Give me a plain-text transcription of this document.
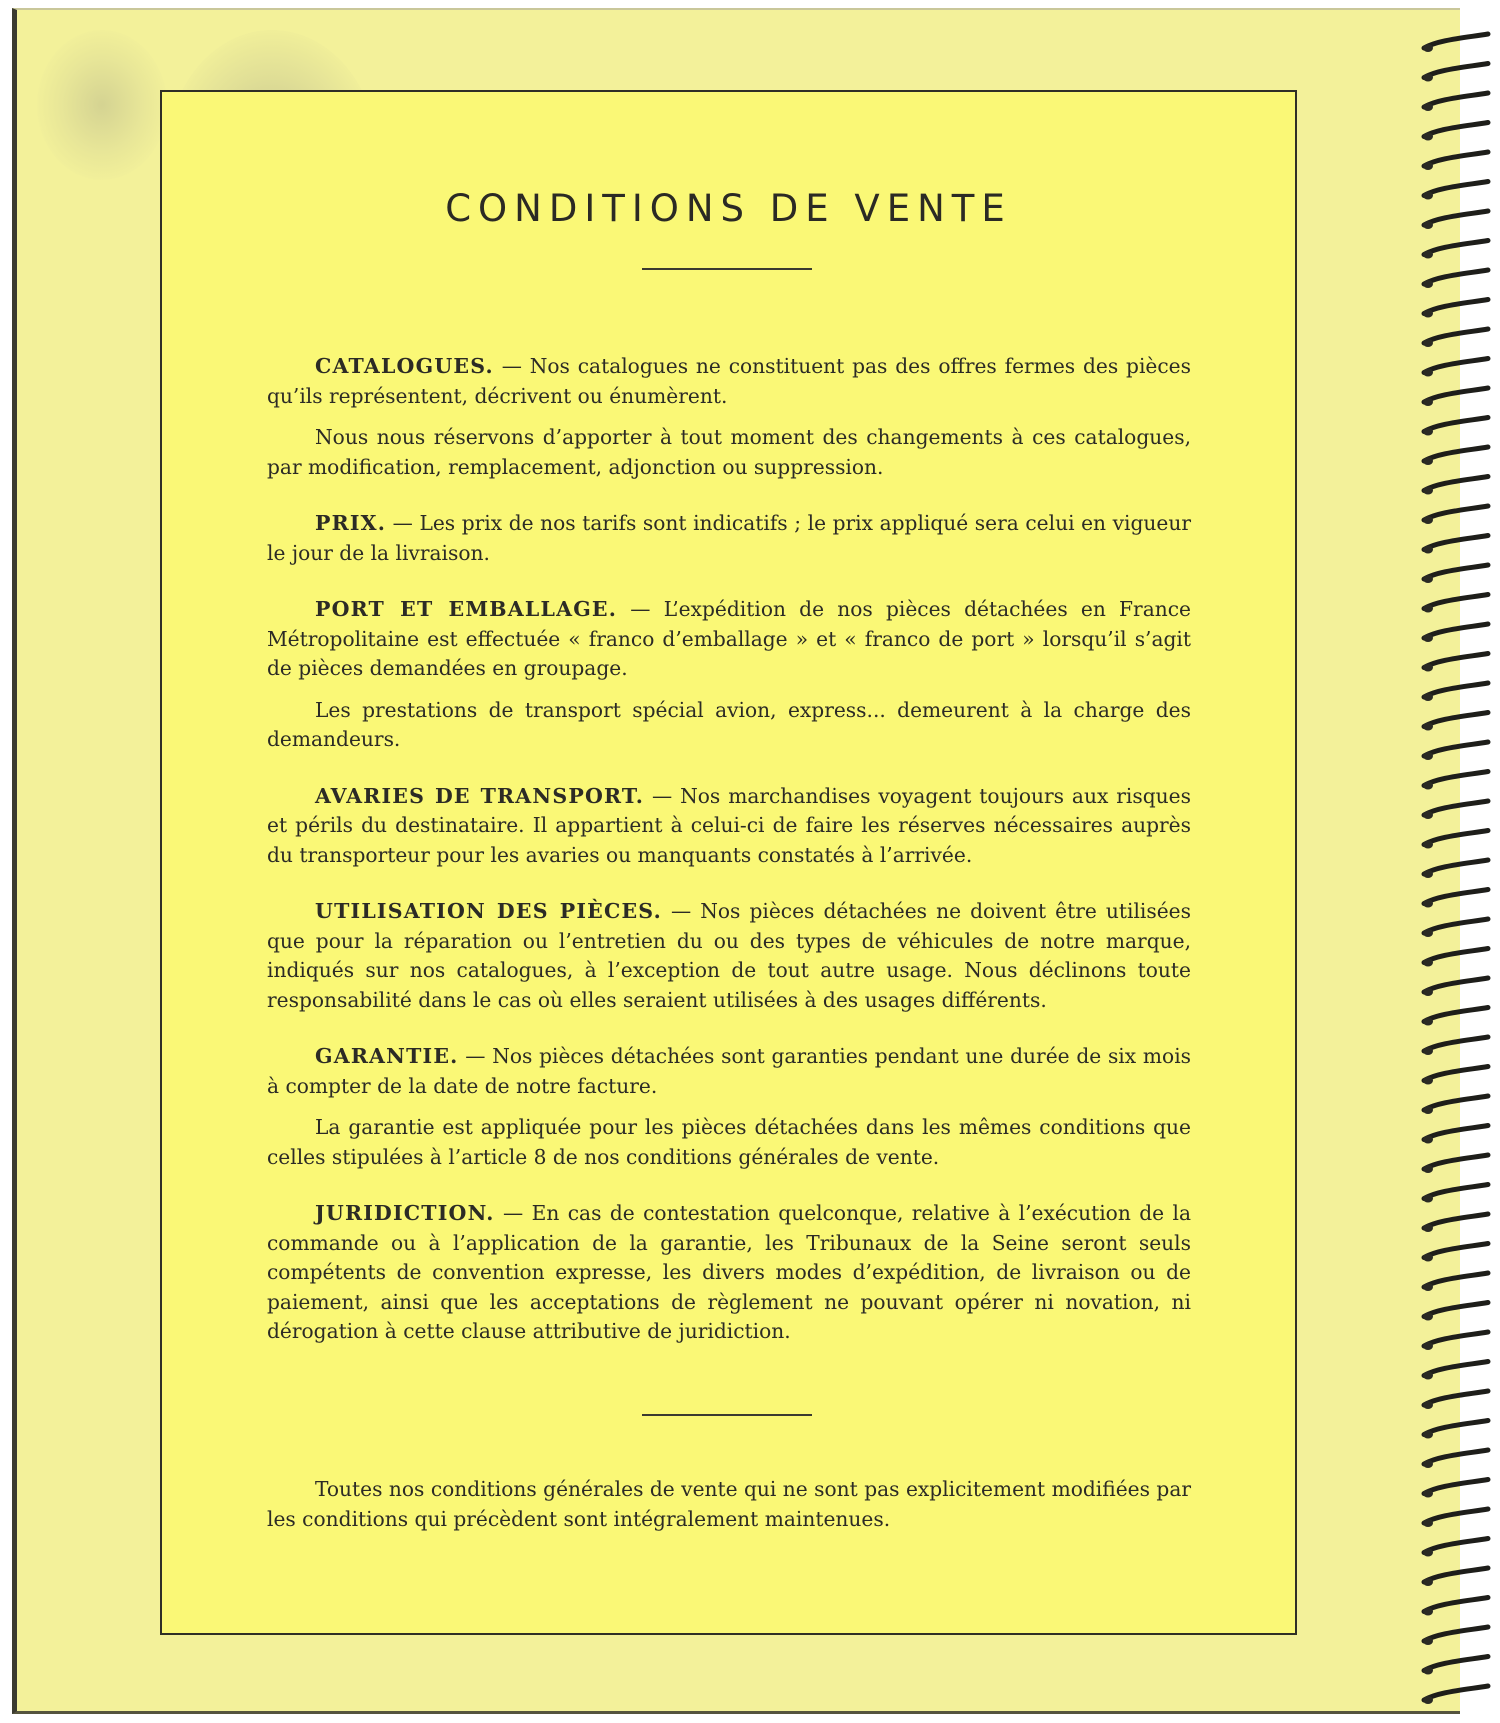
CONDITIONS DE VENTE

CATALOGUES. — Nos catalogues ne constituent pas des offres fermes des pièces qu’ils représentent, décrivent ou énumèrent.

Nous nous réservons d’apporter à tout moment des changements à ces catalogues, par modification, remplacement, adjonction ou suppression.

PRIX. — Les prix de nos tarifs sont indicatifs ; le prix appliqué sera celui en vigueur le jour de la livraison.

PORT ET EMBALLAGE. — L’expédition de nos pièces détachées en France Métropolitaine est effectuée « franco d’emballage » et « franco de port » lorsqu’il s’agit de pièces demandées en groupage.

Les prestations de transport spécial avion, express... demeurent à la charge des demandeurs.

AVARIES DE TRANSPORT. — Nos marchandises voyagent toujours aux risques et périls du destinataire. Il appartient à celui-ci de faire les réserves nécessaires auprès du transporteur pour les avaries ou manquants constatés à l’arrivée.

UTILISATION DES PIÈCES. — Nos pièces détachées ne doivent être utilisées que pour la réparation ou l’entretien du ou des types de véhicules de notre marque, indiqués sur nos catalogues, à l’exception de tout autre usage. Nous déclinons toute responsabilité dans le cas où elles seraient utilisées à des usages différents.

GARANTIE. — Nos pièces détachées sont garanties pendant une durée de six mois à compter de la date de notre facture.

La garantie est appliquée pour les pièces détachées dans les mêmes conditions que celles stipulées à l’article 8 de nos conditions générales de vente.

JURIDICTION. — En cas de contestation quelconque, relative à l’exécution de la commande ou à l’application de la garantie, les Tribunaux de la Seine seront seuls compétents de convention expresse, les divers modes d’expédition, de livraison ou de paiement, ainsi que les acceptations de règlement ne pouvant opérer ni novation, ni dérogation à cette clause attributive de juridiction.

Toutes nos conditions générales de vente qui ne sont pas explicitement modifiées par les conditions qui précèdent sont intégralement maintenues.
